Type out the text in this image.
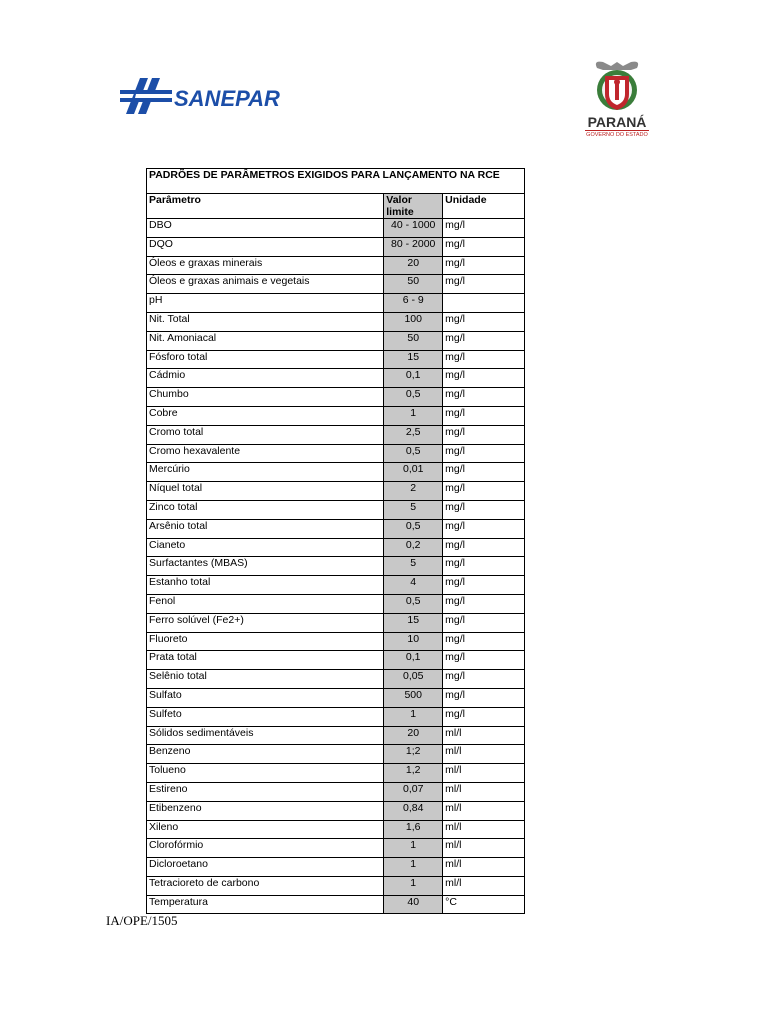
SANEPAR
PARANÁ
GOVERNO DO ESTADO
PADRÕES DE PARÂMETROS EXIGIDOS PARA LANÇAMENTO NA RCE		
Parâmetro	Valor limite	Unidade
DBO	40 - 1000	mg/l
DQO	80 - 2000	mg/l
Óleos e graxas minerais	20	mg/l
Óleos e graxas animais e vegetais	50	mg/l
pH	6 - 9	
Nit. Total	100	mg/l
Nit. Amoniacal	50	mg/l
Fósforo total	15	mg/l
Cádmio	0,1	mg/l
Chumbo	0,5	mg/l
Cobre	1	mg/l
Cromo total	2,5	mg/l
Cromo hexavalente	0,5	mg/l
Mercúrio	0,01	mg/l
Níquel total	2	mg/l
Zinco total	5	mg/l
Arsênio total	0,5	mg/l
Cianeto	0,2	mg/l
Surfactantes (MBAS)	5	mg/l
Estanho total	4	mg/l
Fenol	0,5	mg/l
Ferro solúvel (Fe2+)	15	mg/l
Fluoreto	10	mg/l
Prata total	0,1	mg/l
Selênio total	0,05	mg/l
Sulfato	500	mg/l
Sulfeto	1	mg/l
Sólidos sedimentáveis	20	ml/l
Benzeno	1;2	ml/l
Tolueno	1,2	ml/l
Estireno	0,07	ml/l
Etibenzeno	0,84	ml/l
Xileno	1,6	ml/l
Clorofórmio	1	ml/l
Dicloroetano	1	ml/l
Tetracioreto de carbono	1	ml/l
Temperatura	40	°C
IA/OPE/1505
